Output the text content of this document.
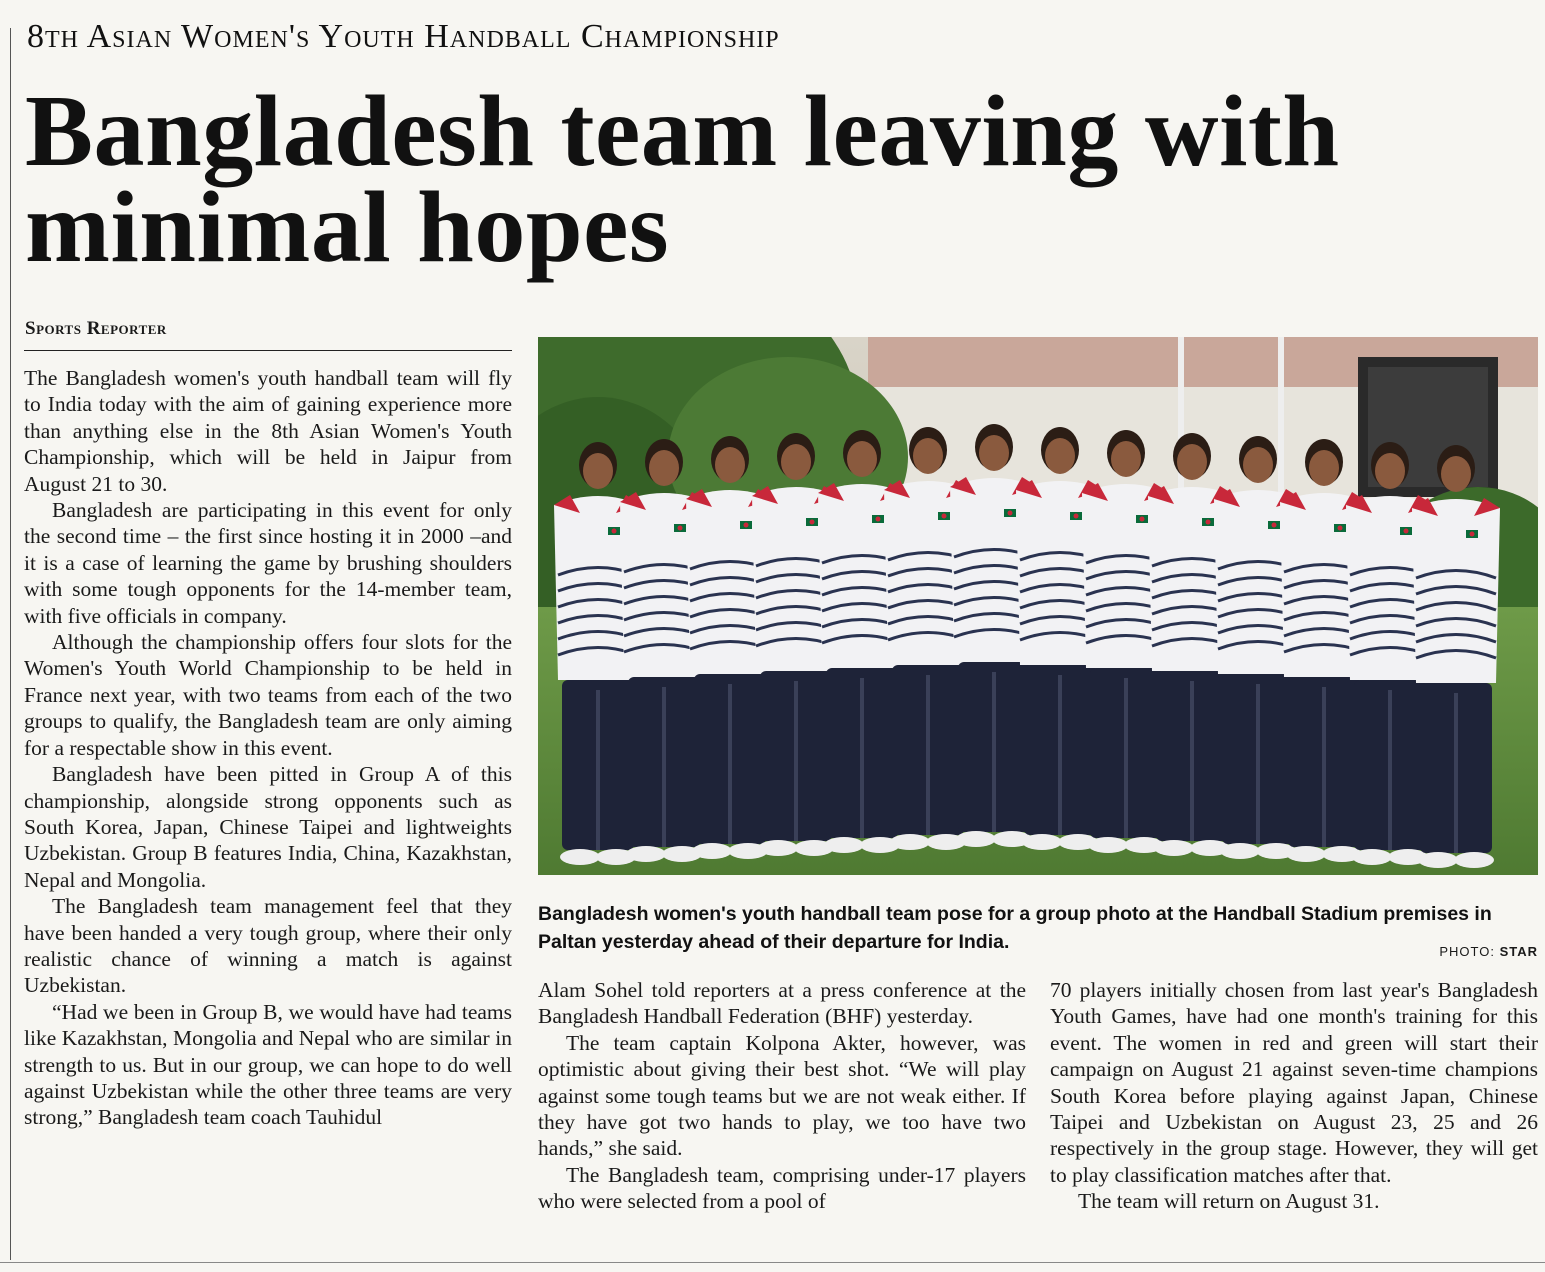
8th Asian Women's Youth Handball Championship
Bangladesh team leaving with minimal hopes
Sports Reporter

The Bangladesh women's youth handball team will fly to India today with the aim of gaining experience more than anything else in the 8th Asian Women's Youth Championship, which will be held in Jaipur from August 21 to 30.

Bangladesh are participating in this event for only the second time – the first since hosting it in 2000 –and it is a case of learning the game by brushing shoulders with some tough opponents for the 14-member team, with five officials in company.

Although the championship offers four slots for the Women's Youth World Championship to be held in France next year, with two teams from each of the two groups to qualify, the Bangladesh team are only aiming for a respectable show in this event.

Bangladesh have been pitted in Group A of this championship, alongside strong opponents such as South Korea, Japan, Chinese Taipei and lightweights Uzbekistan. Group B features India, China, Kazakhstan, Nepal and Mongolia.

The Bangladesh team management feel that they have been handed a very tough group, where their only realistic chance of winning a match is against Uzbekistan.

“Had we been in Group B, we would have had teams like Kazakhstan, Mongolia and Nepal who are similar in strength to us. But in our group, we can hope to do well against Uzbekistan while the other three teams are very strong,” Bangladesh team coach Tauhidul

Bangladesh women's youth handball team pose for a group photo at the Handball Stadium premises in Paltan yesterday ahead of their departure for India.	PHOTO: STAR

Alam Sohel told reporters at a press conference at the Bangladesh Handball Federation (BHF) yesterday.

The team captain Kolpona Akter, however, was optimistic about giving their best shot. “We will play against some tough teams but we are not weak either. If they have got two hands to play, we too have two hands,” she said.

The Bangladesh team, comprising under-17 players who were selected from a pool of

70 players initially chosen from last year's Bangladesh Youth Games, have had one month's training for this event. The women in red and green will start their campaign on August 21 against seven-time champions South Korea before playing against Japan, Chinese Taipei and Uzbekistan on August 23, 25 and 26 respectively in the group stage. However, they will get to play classification matches after that.

The team will return on August 31.
